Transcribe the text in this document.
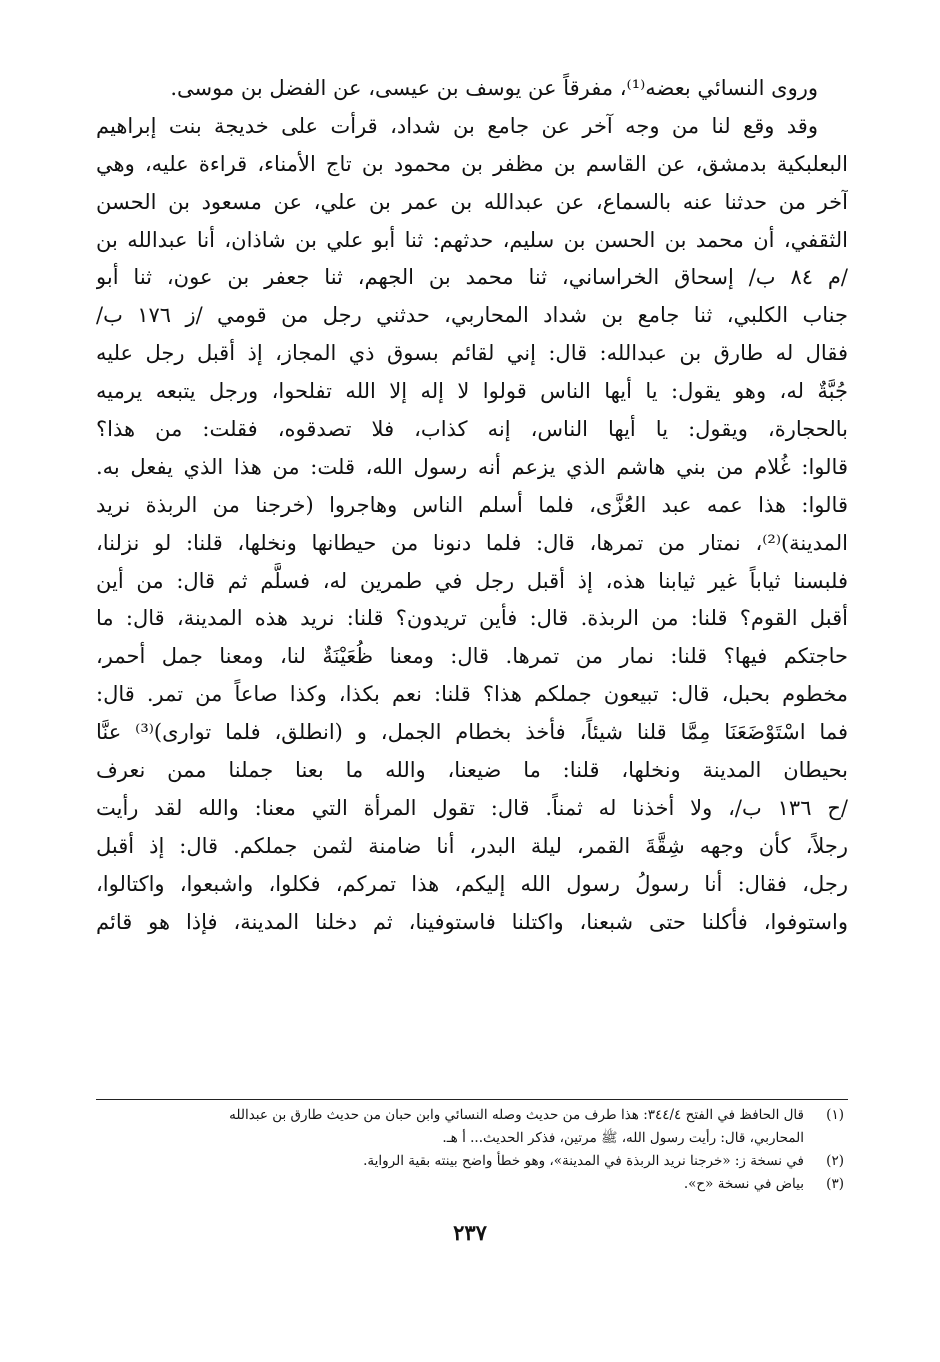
وروى النسائي بعضه⁽¹⁾، مفرقاً عن يوسف بن عيسى، عن الفضل بن موسى.
وقد وقع لنا من وجه آخر عن جامع بن شداد، قرأت على خديجة بنت إبراهيم
البعلبكية بدمشق، عن القاسم بن مظفر بن محمود بن تاج الأمناء، قراءة عليه، وهي
آخر من حدثنا عنه بالسماع، عن عبدالله بن عمر بن علي، عن مسعود بن الحسن
الثقفي، أن محمد بن الحسن بن سليم، حدثهم: ثنا أبو علي بن شاذان، أنا عبدالله بن
/م ٨٤ ب/ إسحاق الخراساني، ثنا محمد بن الجهم، ثنا جعفر بن عون، ثنا أبو
جناب الكلبي، ثنا جامع بن شداد المحاربي، حدثني رجل من قومي /ز ١٧٦ ب/
فقال له طارق بن عبدالله: قال: إني لقائم بسوق ذي المجاز، إذ أقبل رجل عليه
جُبَّةٌ له، وهو يقول: يا أيها الناس قولوا لا إله إلا الله تفلحوا، ورجل يتبعه يرميه
بالحجارة، ويقول: يا أيها الناس، إنه كذاب، فلا تصدقوه، فقلت: من هذا؟
قالوا: غُلام من بني هاشم الذي يزعم أنه رسول الله، قلت: من هذا الذي يفعل به.
قالوا: هذا عمه عبد العُزَّى، فلما أسلم الناس وهاجروا (خرجنا من الربذة نريد
المدينة)⁽²⁾، نمتار من تمرها، قال: فلما دنونا من حيطانها ونخلها، قلنا: لو نزلنا،
فلبسنا ثياباً غير ثيابنا هذه، إذ أقبل رجل في طمرين له، فسلَّم ثم قال: من أين
أقبل القوم؟ قلنا: من الربذة. قال: فأين تريدون؟ قلنا: نريد هذه المدينة، قال: ما
حاجتكم فيها؟ قلنا: نمار من تمرها. قال: ومعنا ظُعَيْنَةٌ لنا، ومعنا جمل أحمر،
مخطوم بحبل، قال: تبيعون جملكم هذا؟ قلنا: نعم بكذا، وكذا صاعاً من تمر. قال:
فما اسْتَوْضَعَنَا مِمَّا قلنا شيئاً، فأخذ بخطام الجمل، و (انطلق، فلما توارى)⁽³⁾ عنَّا
بحيطان المدينة ونخلها، قلنا: ما ضيعنا، والله ما بعنا جملنا ممن نعرف
/ح ١٣٦ ب/، ولا أخذنا له ثمناً. قال: تقول المرأة التي معنا: والله لقد رأيت
رجلاً، كأن وجهه شِقَّةَ القمر، ليلة البدر، أنا ضامنة لثمن جملكم. قال: إذ أقبل
رجل، فقال: أنا رسولُ رسول الله إليكم، هذا تمركم، فكلوا، واشبعوا، واكتالوا،
واستوفوا، فأكلنا حتى شبعنا، واكتلنا فاستوفينا، ثم دخلنا المدينة، فإذا هو قائم
(١)
قال الحافظ في الفتح ٣٤٤/٤: هذا طرف من حديث وصله النسائي وابن حبان من حديث طارق بن عبدالله
المحاربي، قال: رأيت رسول الله، ﷺ مرتين، فذكر الحديث... أ هـ.
(٢)
في نسخة ز: «خرجنا نريد الربذة في المدينة»، وهو خطأ واضح بينته بقية الرواية.
(٣)
بياض في نسخة «ح».
٢٣٧
